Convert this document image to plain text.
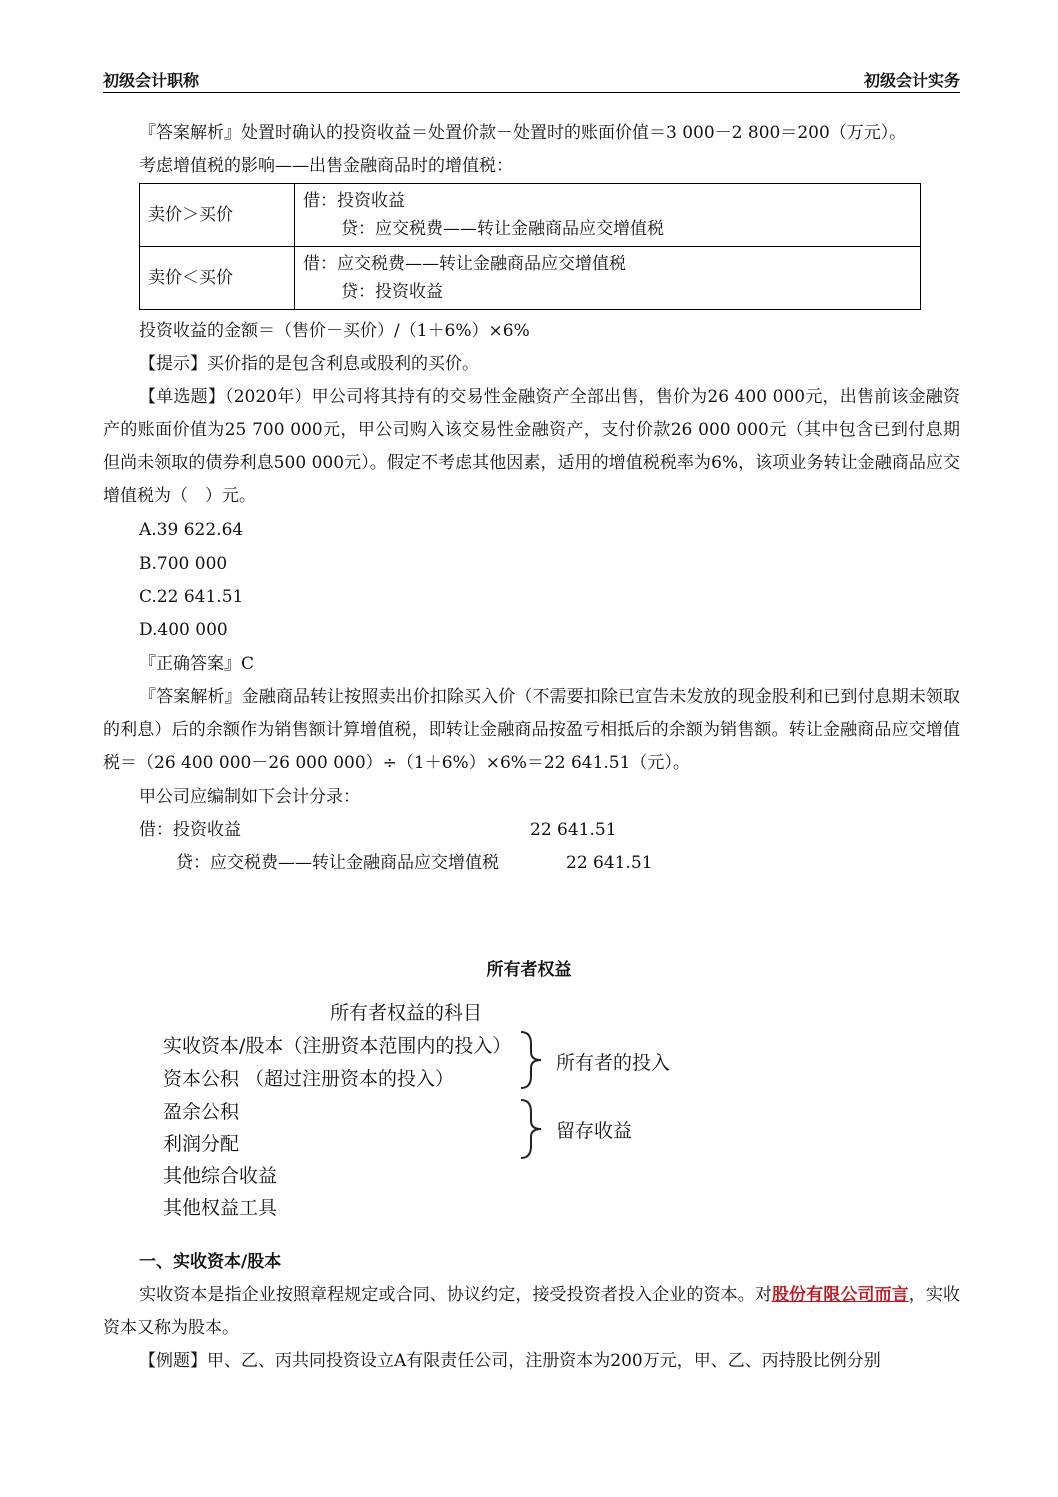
初级会计职称	初级会计实务
『答案解析』处置时确认的投资收益＝处置价款－处置时的账面价值＝3 000－2 800＝200（万元）。
考虑增值税的影响——出售金融商品时的增值税：
卖价＞买价	借：投资收益
贷：应交税费——转让金融商品应交增值税

卖价＜买价	借：应交税费——转让金融商品应交增值税
贷：投资收益
投资收益的金额＝（售价－买价）/（1＋6%）×6%
【提示】买价指的是包含利息或股利的买价。
【单选题】（2020年）甲公司将其持有的交易性金融资产全部出售，售价为26 400 000元，出售前该金融资产的账面价值为25 700 000元，甲公司购入该交易性金融资产，支付价款26 000 000元（其中包含已到付息期但尚未领取的债券利息500 000元）。假定不考虑其他因素，适用的增值税税率为6%，该项业务转让金融商品应交增值税为（　）元。
A.39 622.64
B.700 000
C.22 641.51
D.400 000
『正确答案』C
『答案解析』金融商品转让按照卖出价扣除买入价（不需要扣除已宣告未发放的现金股利和已到付息期未领取的利息）后的余额作为销售额计算增值税，即转让金融商品按盈亏相抵后的余额为销售额。转让金融商品应交增值税＝（26 400 000－26 000 000）÷（1＋6%）×6%＝22 641.51（元）。
甲公司应编制如下会计分录：
借：投资收益	22 641.51
贷：应交税费——转让金融商品应交增值税	22 641.51
所有者权益
所有者权益的科目
实收资本/股本（注册资本范围内的投入）
资本公积 （超过注册资本的投入）
盈余公积
利润分配
其他综合收益
其他权益工具
所有者的投入
留存收益
一、实收资本/股本
实收资本是指企业按照章程规定或合同、协议约定，接受投资者投入企业的资本。对股份有限公司而言，实收资本又称为股本。
【例题】甲、乙、丙共同投资设立A有限责任公司，注册资本为200万元，甲、乙、丙持股比例分别
